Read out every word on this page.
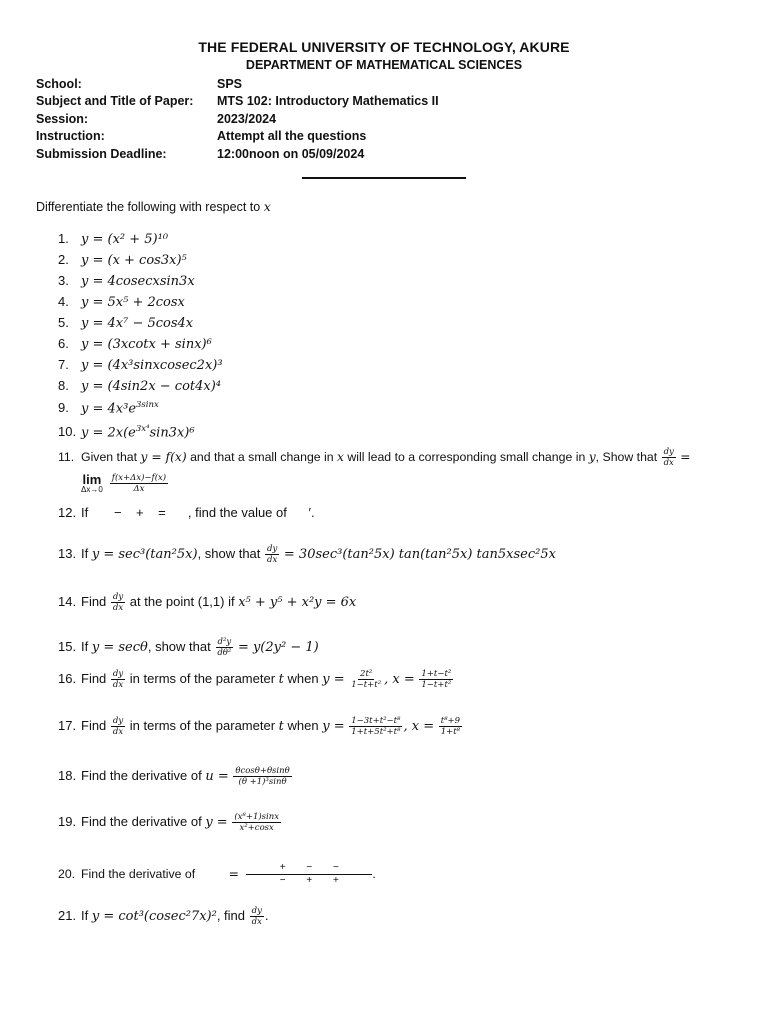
THE FEDERAL UNIVERSITY OF TECHNOLOGY, AKURE
DEPARTMENT OF MATHEMATICAL SCIENCES
School:	SPS
Subject and Title of Paper:	MTS 102: Introductory Mathematics II
Session:	2023/2024
Instruction:	Attempt all the questions
Submission Deadline:	12:00noon on 05/09/2024
Differentiate the following with respect to x
1. y = (x² + 5)¹⁰
2. y = (x + cos3x)⁵
3. y = 4cosecxsin3x
4. y = 5x⁵ + 2cosx
5. y = 4x⁷ − 5cos4x
6. y = (3xcotx + sinx)⁶
7. y = (4x³sinxcosec2x)³
8. y = (4sin2x − cot4x)⁴
9. $y = 4x^3e^{3sinx}$
10. $y = 2x(e^{3x^4}\sin 3x)^6$
11. Given that y = f(x) and that a small change in x will lead to a corresponding small change in y, Show that $\frac{dy}{dx}$ =
lim
$\Delta x\to 0 \frac{f(x+\Delta x)-f(x)}{\Delta x}$
12. If −    +    = , find the value of ′.
13. If y = sec³(tan²5x), show that $\frac{dy}{dx} = 30\sec^3(\tan^25x)$ tan(tan²5x) tan5xsec²5x
14. Find $\frac{dy}{dx}$ at the point (1,1) if x⁵ + y⁵ + x²y = 6x
15. If y = secθ, show that $\frac{\text{d²y}}{\text{dθ²}} = y(2y^2 - 1)$
16. Find $\frac{dy}{dx}$ in terms of the parameter t when $y = \frac{\text{2t²}}{\text{1−t+t²}}$ , $x = \frac{\text{1+t−t²}}{\text{1−t+t²}}$
17. Find $\frac{dy}{dx}$ in terms of the parameter t when $y = \frac{\text{1−3t+t²−t⁸}}{\text{1+t+5t²+t⁸}}$ , $x = \frac{\text{t⁸+9}}{\text{1+t⁸}}$
18. Find the derivative of $u = \frac{\theta\cos\theta+\theta\sin\theta}{\text{(θ +1)³sinθ}}$
19. Find the derivative of $y = \frac{\text{(x⁸+1)sinx}}{\text{x²+cosx}}$
20. Find the derivative of	=	+ − −
− + +	.
21. If y = cot³(cosec²7x)², find $\frac{dy}{dx}$ .
